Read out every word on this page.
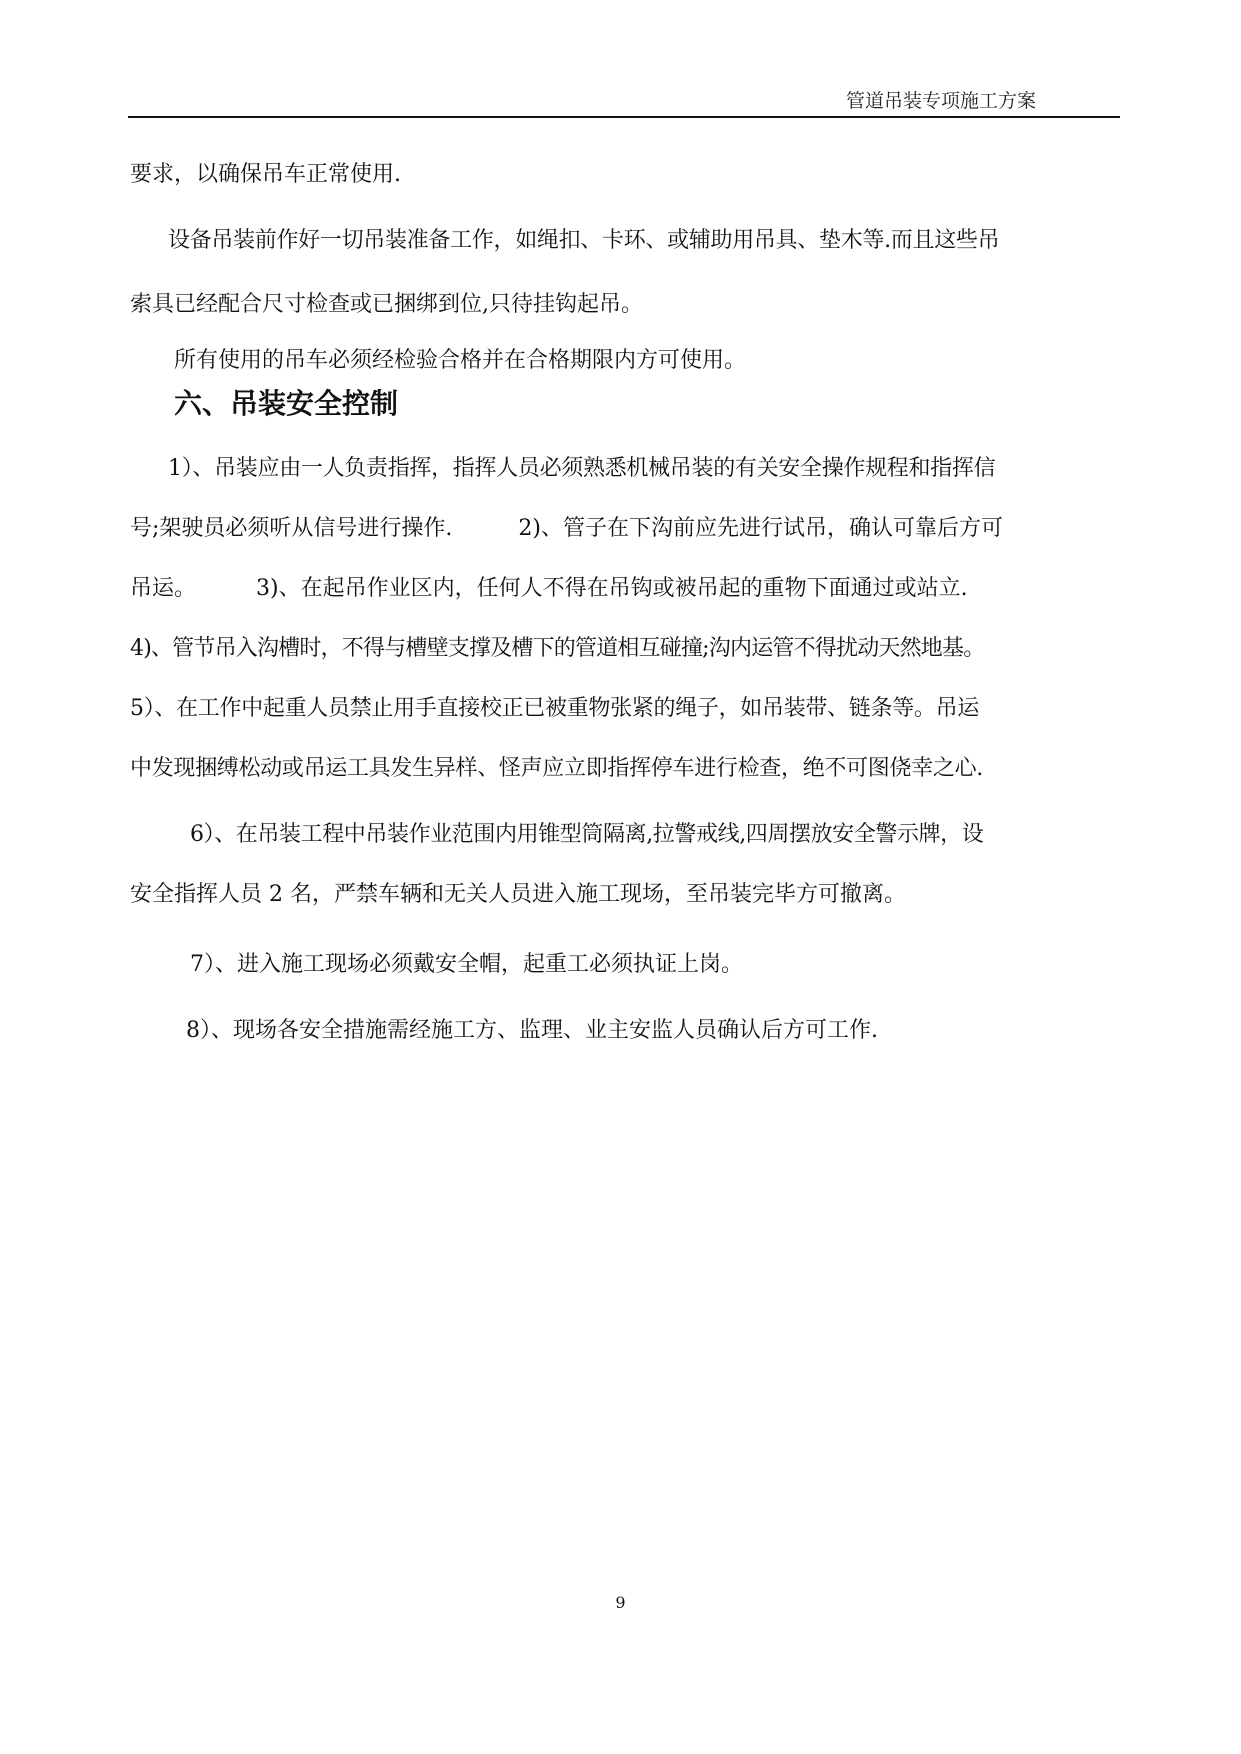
管道吊装专项施工方案
要求，以确保吊车正常使用.
设备吊装前作好一切吊装准备工作，如绳扣、卡环、或辅助用吊具、垫木等.而且这些吊
索具已经配合尺寸检查或已捆绑到位,只待挂钩起吊。
所有使用的吊车必须经检验合格并在合格期限内方可使用。
六、吊装安全控制
1）、吊装应由一人负责指挥，指挥人员必须熟悉机械吊装的有关安全操作规程和指挥信
号;架驶员必须听从信号进行操作.	2)、管子在下沟前应先进行试吊，确认可靠后方可
吊运。	3)、在起吊作业区内，任何人不得在吊钩或被吊起的重物下面通过或站立.
4)、管节吊入沟槽时，不得与槽壁支撑及槽下的管道相互碰撞;沟内运管不得扰动天然地基。
5）、在工作中起重人员禁止用手直接校正已被重物张紧的绳子，如吊装带、链条等。吊运
中发现捆缚松动或吊运工具发生异样、怪声应立即指挥停车进行检查，绝不可图侥幸之心.
6）、在吊装工程中吊装作业范围内用锥型筒隔离,拉警戒线,四周摆放安全警示牌，设
安全指挥人员 2 名，严禁车辆和无关人员进入施工现场，至吊装完毕方可撤离。
7）、进入施工现场必须戴安全帽，起重工必须执证上岗。
8）、现场各安全措施需经施工方、监理、业主安监人员确认后方可工作.
9
